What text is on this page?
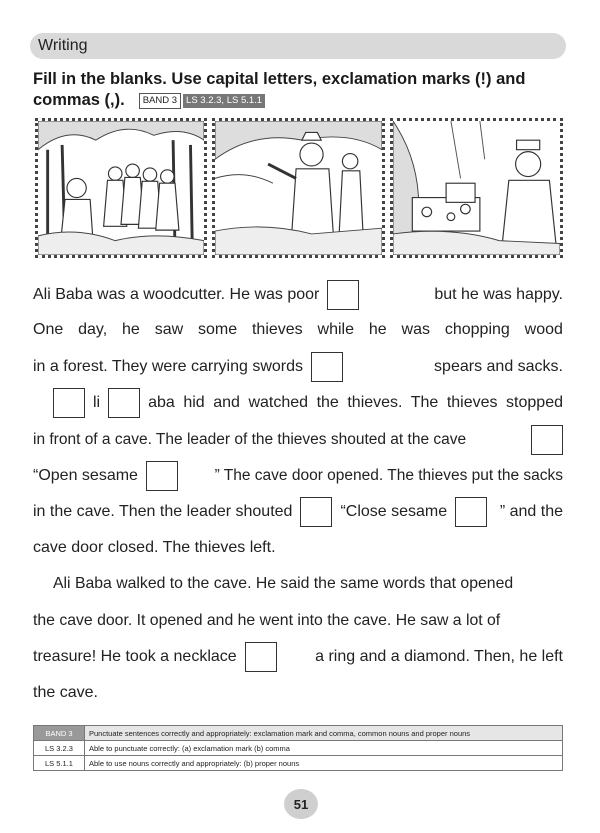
Writing
Fill in the blanks. Use capital letters, exclamation marks (!) and
commas (,).	BAND 3 LS 3.2.3, LS 5.1.1
Ali Baba was a woodcutter. He was poor	but he was happy.
One day, he saw some thieves while he was chopping wood
in a forest. They were carrying swords	spears and sacks.
li	aba hid and watched the thieves. The thieves stopped
in front of a cave. The leader of the thieves shouted at the cave
“Open sesame	” The cave door opened. The thieves put the sacks
in the cave. Then the leader shouted	“Close sesame	” and the
cave door closed. The thieves left.
Ali Baba walked to the cave. He said the same words that opened
the cave door. It opened and he went into the cave. He saw a lot of
treasure! He took a necklace	a ring and a diamond. Then, he left
the cave.
BAND 3	Punctuate sentences correctly and appropriately: exclamation mark and comma, common nouns and proper nouns
LS 3.2.3	Able to punctuate correctly: (a) exclamation mark (b) comma
LS 5.1.1	Able to use nouns correctly and appropriately: (b) proper nouns
51
